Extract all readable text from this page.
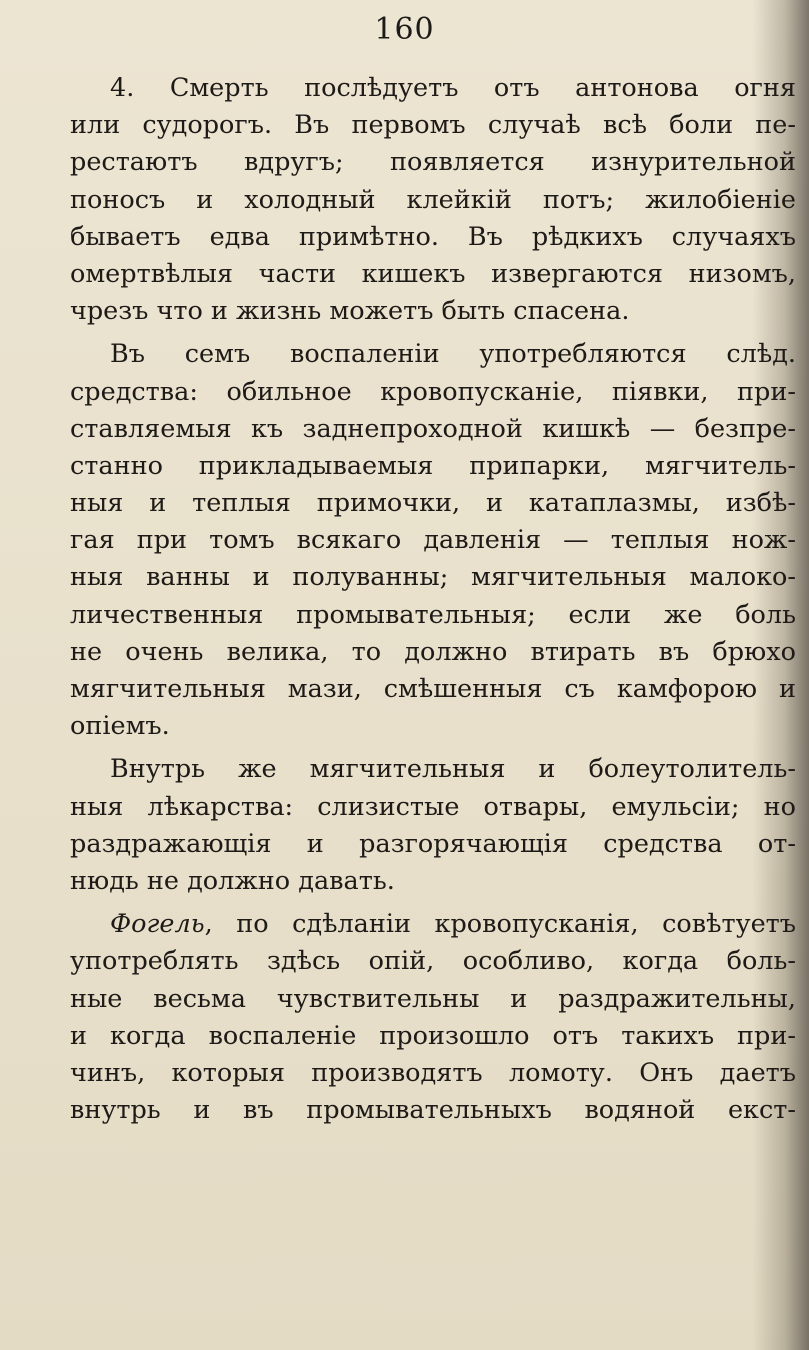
160
4. Смерть послѣдуетъ отъ антонова огня
или судорогъ. Въ первомъ случаѣ всѣ боли пе-
рестаютъ вдругъ; появляется изнурительной
поносъ и холодный клейкій потъ; жилобіеніе
бываетъ едва примѣтно. Въ рѣдкихъ случаяхъ
омертвѣлыя части кишекъ извергаются низомъ,
чрезъ что и жизнь можетъ быть спасена.
Въ семъ воспаленіи употребляются слѣд.
средства: обильное кровопусканіе, піявки, при-
ставляемыя къ заднепроходной кишкѣ — безпре-
станно прикладываемыя припарки, мягчитель-
ныя и теплыя примочки, и катаплазмы, избѣ-
гая при томъ всякаго давленія — теплыя нож-
ныя ванны и полуванны; мягчительныя малоко-
личественныя промывательныя; если же боль
не очень велика, то должно втирать въ брюхо
мягчительныя мази, смѣшенныя съ камфорою и
опіемъ.
Внутрь же мягчительныя и болеутолитель-
ныя лѣкарства: слизистые отвары, емульсіи; но
раздражающія и разгорячающія средства от-
нюдь не должно давать.
Фогель, по сдѣланіи кровопусканія, совѣтуетъ
употреблять здѣсь опій, особливо, когда боль-
ные весьма чувствительны и раздражительны,
и когда воспаленіе произошло отъ такихъ при-
чинъ, которыя производятъ ломоту. Онъ даетъ
внутрь и въ промывательныхъ водяной екст-
